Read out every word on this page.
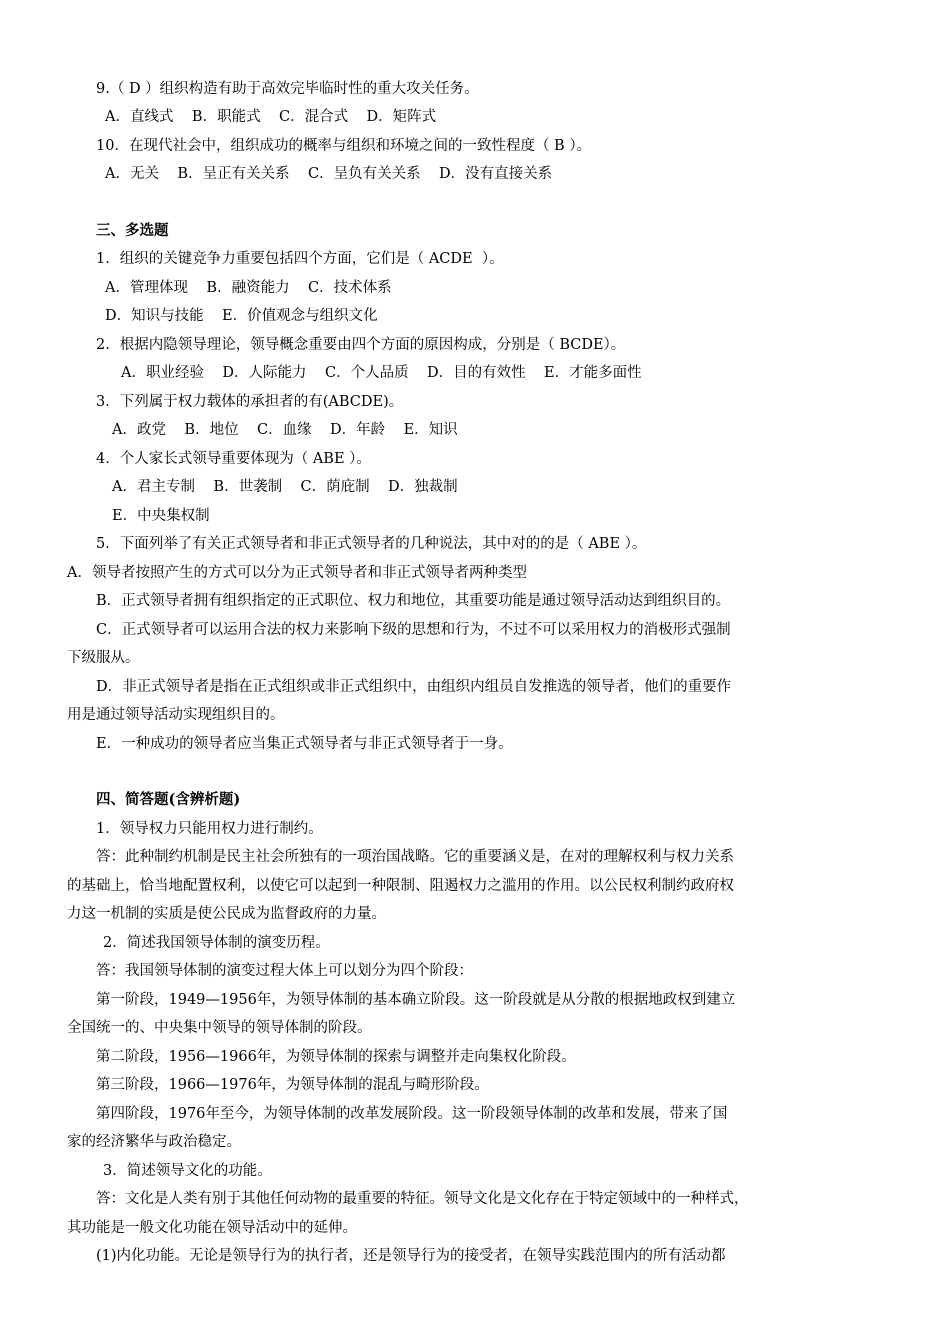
9.（ D ）组织构造有助于高效完毕临时性的重大攻关任务。
A．直线式    B．职能式    C．混合式    D．矩阵式
10．在现代社会中，组织成功的概率与组织和环境之间的一致性程度（ B ）。
A．无关    B．呈正有关关系    C．呈负有关关系    D．没有直接关系
三、多选题
1．组织的关键竞争力重要包括四个方面，它们是（ ACDE  ）。
A．管理体现    B．融资能力    C．技术体系
D．知识与技能    E．价值观念与组织文化
2．根据内隐领导理论，领导概念重要由四个方面的原因构成，分别是（ BCDE）。
A．职业经验    D．人际能力    C．个人品质    D．目的有效性    E．才能多面性
3．下列属于权力载体的承担者的有(ABCDE)。
A．政党    B．地位    C．血缘    D．年龄    E．知识
4．个人家长式领导重要体现为（ ABE ）。
A．君主专制    B．世袭制    C．荫庇制    D．独裁制
E．中央集权制
5．下面列举了有关正式领导者和非正式领导者的几种说法，其中对的的是（ ABE ）。
A．领导者按照产生的方式可以分为正式领导者和非正式领导者两种类型
B．正式领导者拥有组织指定的正式职位、权力和地位，其重要功能是通过领导活动达到组织目的。
C．正式领导者可以运用合法的权力来影响下级的思想和行为，不过不可以采用权力的消极形式强制
下级服从。
D．非正式领导者是指在正式组织或非正式组织中，由组织内组员自发推选的领导者，他们的重要作
用是通过领导活动实现组织目的。
E．一种成功的领导者应当集正式领导者与非正式领导者于一身。
四、简答题(含辨析题)
1．领导权力只能用权力进行制约。
答：此种制约机制是民主社会所独有的一项治国战略。它的重要涵义是，在对的理解权利与权力关系
的基础上，恰当地配置权利，以使它可以起到一种限制、阻遏权力之滥用的作用。以公民权利制约政府权
力这一机制的实质是使公民成为监督政府的力量。
2．简述我国领导体制的演变历程。
答：我国领导体制的演变过程大体上可以划分为四个阶段：
第一阶段，1949—1956年，为领导体制的基本确立阶段。这一阶段就是从分散的根据地政权到建立
全国统一的、中央集中领导的领导体制的阶段。
第二阶段，1956—1966年，为领导体制的探索与调整并走向集权化阶段。
第三阶段，1966—1976年，为领导体制的混乱与畸形阶段。
第四阶段，1976年至今，为领导体制的改革发展阶段。这一阶段领导体制的改革和发展，带来了国
家的经济繁华与政治稳定。
3．简述领导文化的功能。
答：文化是人类有别于其他任何动物的最重要的特征。领导文化是文化存在于特定领域中的一种样式，
其功能是一般文化功能在领导活动中的延伸。
(1)内化功能。无论是领导行为的执行者，还是领导行为的接受者，在领导实践范围内的所有活动都
